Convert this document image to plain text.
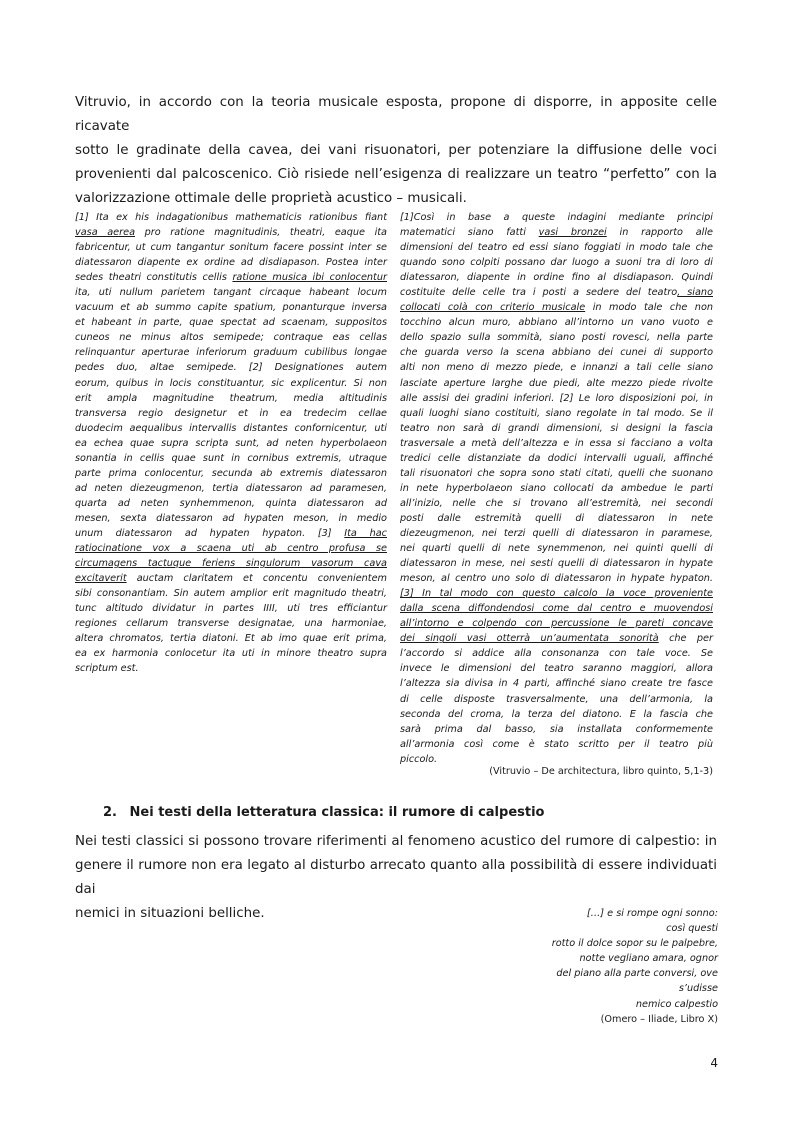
Vitruvio, in accordo con la teoria musicale esposta, propone di disporre, in apposite celle ricavate
sotto le gradinate della cavea, dei vani risuonatori, per potenziare la diffusione delle voci
provenienti dal palcoscenico. Ciò risiede nell’esigenza di realizzare un teatro “perfetto” con la
valorizzazione ottimale delle proprietà acustico – musicali.

[1] Ita ex his indagationibus mathematicis rationibus fiant
vasa aerea pro ratione magnitudinis, theatri, eaque ita
fabricentur, ut cum tangantur sonitum facere possint inter se
diatessaron diapente ex ordine ad disdiapason. Postea inter
sedes theatri constitutis cellis ratione musica ibi conlocentur
ita, uti nullum parietem tangant circaque habeant locum
vacuum et ab summo capite spatium, ponanturque inversa
et habeant in parte, quae spectat ad scaenam, suppositos
cuneos ne minus altos semipede; contraque eas cellas
relinquantur aperturae inferiorum graduum cubilibus longae
pedes duo, altae semipede. [2] Designationes autem
eorum, quibus in locis constituantur, sic explicentur. Si non
erit ampla magnitudine theatrum, media altitudinis
transversa regio designetur et in ea tredecim cellae
duodecim aequalibus intervallis distantes confornicentur, uti
ea echea quae supra scripta sunt, ad neten hyperbolaeon
sonantia in cellis quae sunt in cornibus extremis, utraque
parte prima conlocentur, secunda ab extremis diatessaron
ad neten diezeugmenon, tertia diatessaron ad paramesen,
quarta ad neten synhemmenon, quinta diatessaron ad
mesen, sexta diatessaron ad hypaten meson, in medio
unum diatessaron ad hypaten hypaton. [3] Ita hac
ratiocinatione vox a scaena uti ab centro profusa se
circumagens tactuque feriens singulorum vasorum cava
excitaverit auctam claritatem et concentu convenientem
sibi consonantiam. Sin autem amplior erit magnitudo theatri,
tunc altitudo dividatur in partes IIII, uti tres efficiantur
regiones cellarum transverse designatae, una harmoniae,
altera chromatos, tertia diatoni. Et ab imo quae erit prima,
ea ex harmonia conlocetur ita uti in minore theatro supra
scriptum est.
[1]Così in base a queste indagini mediante principi
matematici siano fatti vasi bronzei in rapporto alle
dimensioni del teatro ed essi siano foggiati in modo tale che
quando sono colpiti possano dar luogo a suoni tra di loro di
diatessaron, diapente in ordine fino al disdiapason. Quindi
costituite delle celle tra i posti a sedere del teatro, siano
collocati colà con criterio musicale in modo tale che non
tocchino alcun muro, abbiano all’intorno un vano vuoto e
dello spazio sulla sommità, siano posti rovesci, nella parte
che guarda verso la scena abbiano dei cunei di supporto
alti non meno di mezzo piede, e innanzi a tali celle siano
lasciate aperture larghe due piedi, alte mezzo piede rivolte
alle assisi dei gradini inferiori. [2] Le loro disposizioni poi, in
quali luoghi siano costituiti, siano regolate in tal modo. Se il
teatro non sarà di grandi dimensioni, si designi la fascia
trasversale a metà dell’altezza e in essa si facciano a volta
tredici celle distanziate da dodici intervalli uguali, affinché
tali risuonatori che sopra sono stati citati, quelli che suonano
in nete hyperbolaeon siano collocati da ambedue le parti
all’inizio, nelle che si trovano all’estremità, nei secondi
posti dalle estremità quelli di diatessaron in nete
diezeugmenon, nei terzi quelli di diatessaron in paramese,
nei quarti quelli di nete synemmenon, nei quinti quelli di
diatessaron in mese, nei sesti quelli di diatessaron in hypate
meson, al centro uno solo di diatessaron in hypate hypaton.
[3] In tal modo con questo calcolo la voce proveniente
dalla scena diffondendosi come dal centro e muovendosi
all’intorno e colpendo con percussione le pareti concave
dei singoli vasi otterrà un’aumentata sonorità che per
l’accordo si addice alla consonanza con tale voce. Se
invece le dimensioni del teatro saranno maggiori, allora
l’altezza sia divisa in 4 parti, affinché siano create tre fasce
di celle disposte trasversalmente, una dell’armonia, la
seconda del croma, la terza del diatono. E la fascia che
sarà prima dal basso, sia installata conformemente
all’armonia così come è stato scritto per il teatro più
piccolo.
(Vitruvio – De architectura, libro quinto, 5,1-3)
2. Nei testi della letteratura classica: il rumore di calpestio

Nei testi classici si possono trovare riferimenti al fenomeno acustico del rumore di calpestio: in
genere il rumore non era legato al disturbo arrecato quanto alla possibilità di essere individuati dai
nemici in situazioni belliche.	[…] e si rompe ogni sonno:
così questi
rotto il dolce sopor su le palpebre,
notte vegliano amara, ognor
del piano alla parte conversi, ove
s’udisse
nemico calpestio
(Omero – Iliade, Libro X)
4
